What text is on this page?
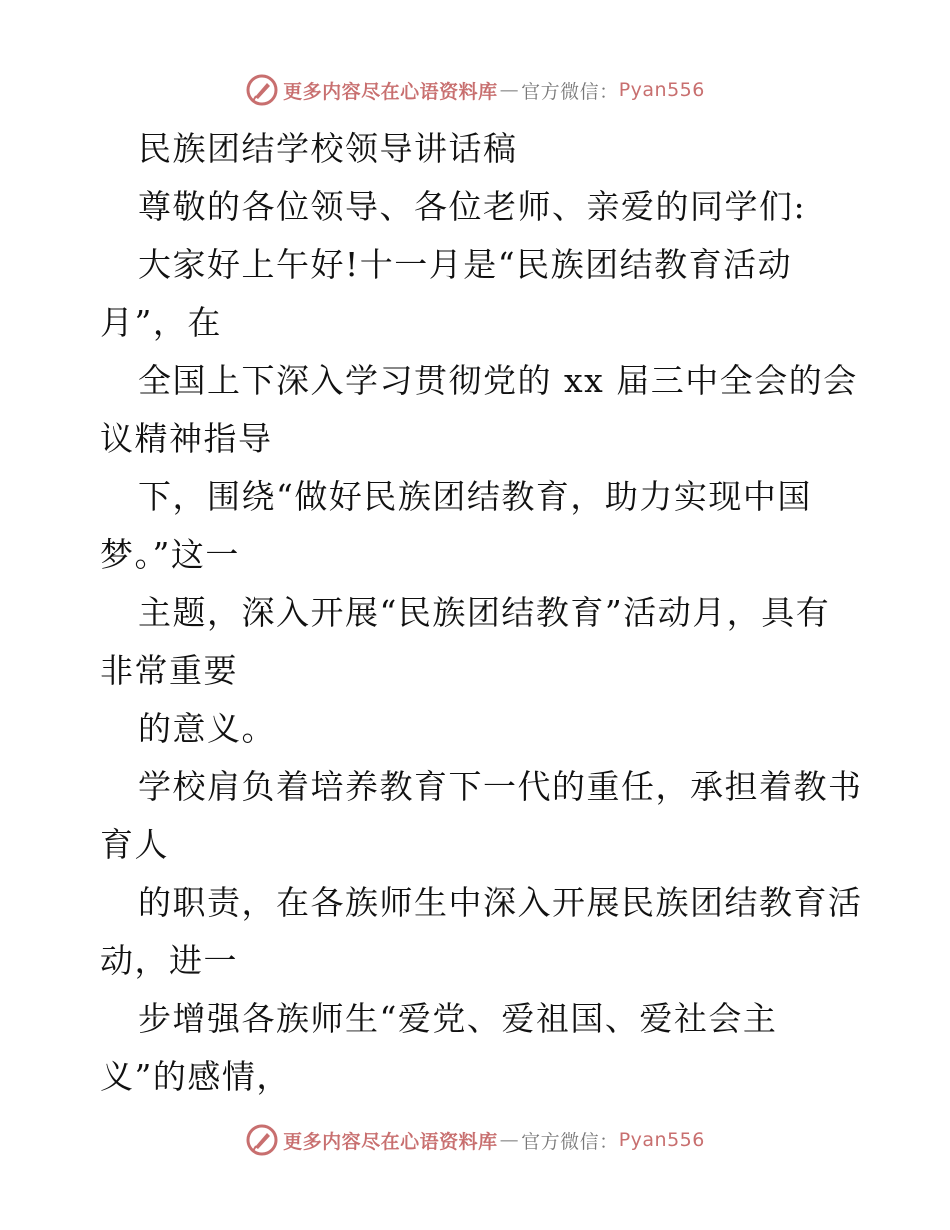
更多内容尽在心语资料库 — 官方微信 ： Pyan556
民族团结学校领导讲话稿
尊敬的各位领导、各位老师、亲爱的同学们:
大家好上午好!十一月是“民族团结教育活动
月”，在
全国上下深入学习贯彻党的 xx 届三中全会的会
议精神指导
下，围绕“做好民族团结教育，助力实现中国
梦。”这一
主题，深入开展“民族团结教育”活动月，具有
非常重要
的意义。
学校肩负着培养教育下一代的重任，承担着教书
育人
的职责，在各族师生中深入开展民族团结教育活
动，进一
步增强各族师生“爱党、爱祖国、爱社会主
义”的感情，
更多内容尽在心语资料库 — 官方微信 ： Pyan556
